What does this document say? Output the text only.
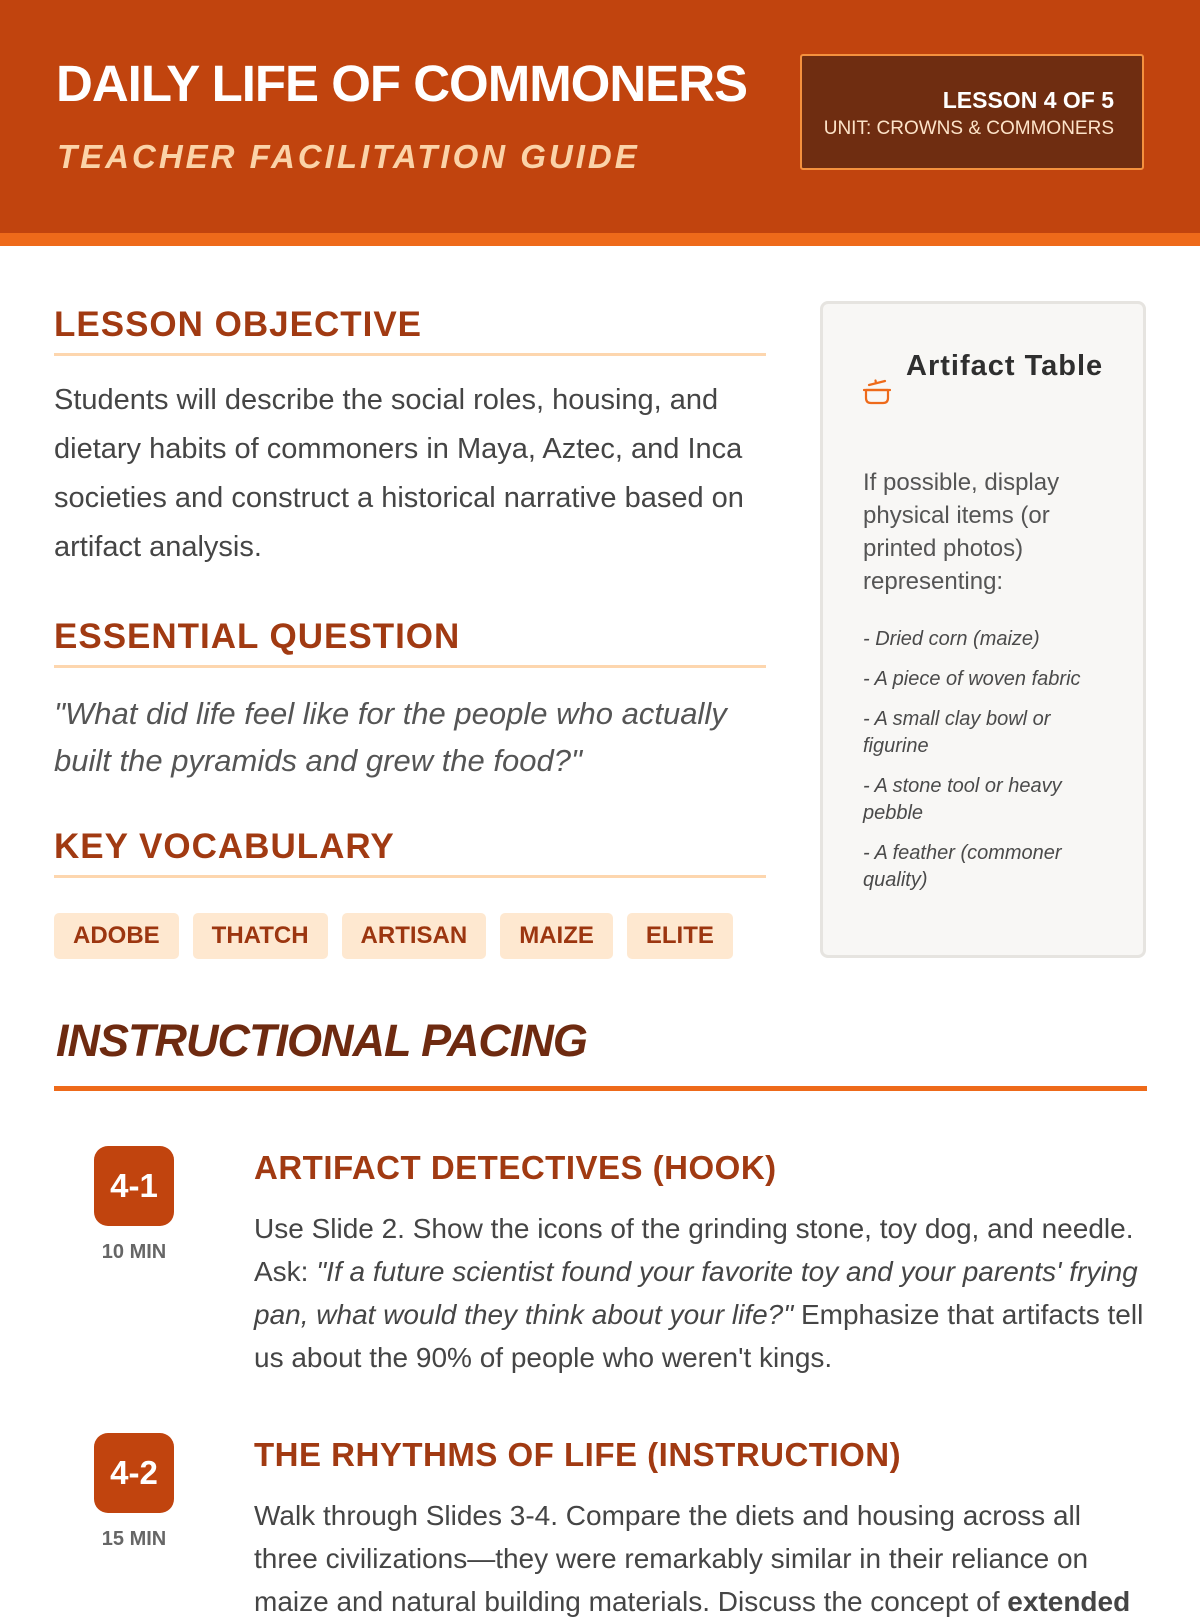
DAILY LIFE OF COMMONERS
TEACHER FACILITATION GUIDE
LESSON 4 OF 5
UNIT: CROWNS & COMMONERS
LESSON OBJECTIVE

Students will describe the social roles, housing, and dietary habits of commoners in Maya, Aztec, and Inca societies and construct a historical narrative based on artifact analysis.

ESSENTIAL QUESTION

"What did life feel like for the people who actually built the pyramids and grew the food?"

KEY VOCABULARY
ADOBE	THATCH	ARTISAN	MAIZE	ELITE
Artifact Table

If possible, display physical items (or printed photos) representing:

- Dried corn (maize)
- A piece of woven fabric
- A small clay bowl or figurine
- A stone tool or heavy pebble
- A feather (commoner quality)
INSTRUCTIONAL PACING
4-1
10 MIN
ARTIFACT DETECTIVES (HOOK)

Use Slide 2. Show the icons of the grinding stone, toy dog, and needle. Ask: "If a future scientist found your favorite toy and your parents' frying pan, what would they think about your life?" Emphasize that artifacts tell us about the 90% of people who weren't kings.

4-2
15 MIN
THE RHYTHMS OF LIFE (INSTRUCTION)

Walk through Slides 3-4. Compare the diets and housing across all three civilizations—they were remarkably similar in their reliance on maize and natural building materials. Discuss the concept of extended
